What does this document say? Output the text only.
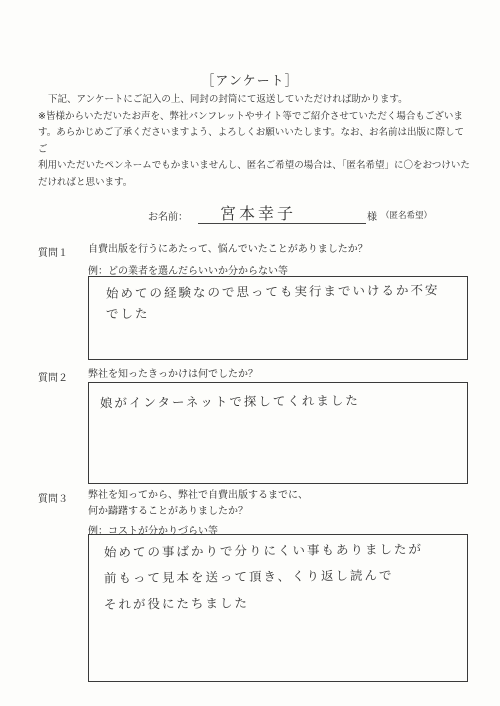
［アンケート］

下記、アンケートにご記入の上、同封の封筒にて返送していただければ助かります。

※皆様からいただいたお声を、弊社パンフレットやサイト等でご紹介させていただく場合もございま

す。あらかじめご了承くださいますよう、よろしくお願いいたします。なお、お名前は出版に際してご

利用いただいたペンネームでもかまいませんし、匿名ご希望の場合は、「匿名希望」に〇をおつけいた

だければと思います。

お名前： 宮本幸子	様 （匿名希望）
質問１ 自費出版を行うにあたって、悩んでいたことがありましたか？
例：どの業者を選んだらいいか分からない等
始めての経験なので思っても実行までいけるか不安
でした
質問２ 弊社を知ったきっかけは何でしたか？
娘がインターネットで探してくれました
質問３ 弊社を知ってから、弊社で自費出版するまでに、
何か躊躇することがありましたか？
例：コストが分かりづらい等
始めての事ばかりで分りにくい事もありましたが
前もって見本を送って頂き、くり返し読んで
それが役にたちました
